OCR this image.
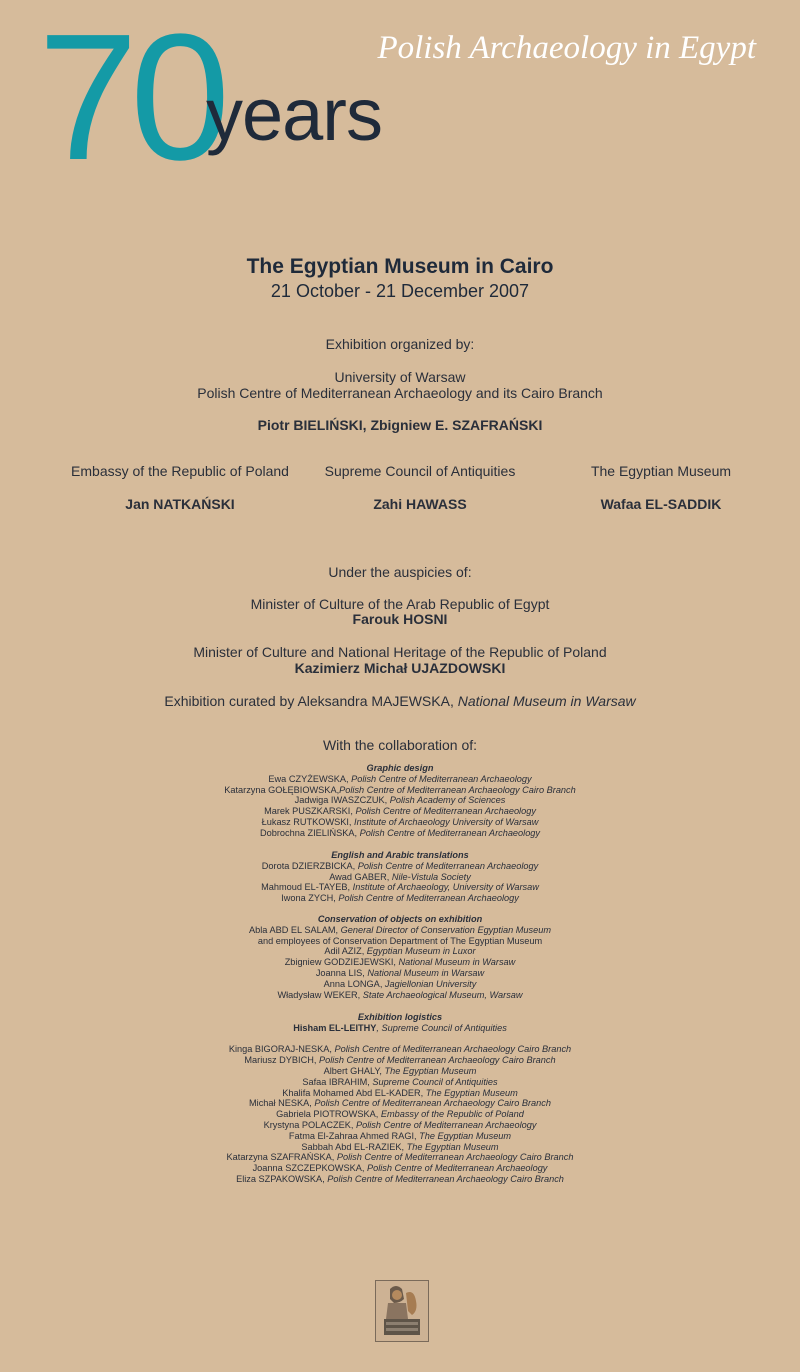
70
years
Polish Archaeology in Egypt
The Egyptian Museum in Cairo
21 October - 21 December 2007
Exhibition organized by:
University of Warsaw
Polish Centre of Mediterranean Archaeology and its Cairo Branch
Piotr BIELIŃSKI, Zbigniew E. SZAFRAŃSKI
Embassy of the Republic of Poland
Jan NATKAŃSKI
Supreme Council of Antiquities
Zahi HAWASS
The Egyptian Museum
Wafaa EL-SADDIK
Under the auspicies of:
Minister of Culture of the Arab Republic of Egypt
Farouk HOSNI
Minister of Culture and National Heritage of the Republic of Poland
Kazimierz Michał UJAZDOWSKI
Exhibition curated by Aleksandra MAJEWSKA, National Museum in Warsaw
With the collaboration of:
Graphic design
Ewa CZYŻEWSKA, Polish Centre of Mediterranean Archaeology
Katarzyna GOŁĘBIOWSKA,Polish Centre of Mediterranean Archaeology Cairo Branch
Jadwiga IWASZCZUK, Polish Academy of Sciences
Marek PUSZKARSKI, Polish Centre of Mediterranean Archaeology
Łukasz RUTKOWSKI, Institute of Archaeology University of Warsaw
Dobrochna ZIELIŃSKA, Polish Centre of Mediterranean Archaeology
English and Arabic translations
Dorota DZIERZBICKA, Polish Centre of Mediterranean Archaeology
Awad GABER, Nile-Vistula Society
Mahmoud EL-TAYEB, Institute of Archaeology, University of Warsaw
Iwona ZYCH, Polish Centre of Mediterranean Archaeology
Conservation of objects on exhibition
Abla ABD EL SALAM, General Director of Conservation Egyptian Museum
and employees of Conservation Department of The Egyptian Museum
Adil AZIZ, Egyptian Museum in Luxor
Zbigniew GODZIEJEWSKI, National Museum in Warsaw
Joanna LIS, National Museum in Warsaw
Anna LONGA, Jagiellonian University
Władysław WEKER, State Archaeological Museum, Warsaw
Exhibition logistics
Hisham EL-LEITHY, Supreme Council of Antiquities
Kinga BIGORAJ-NESKA, Polish Centre of Mediterranean Archaeology Cairo Branch
Mariusz DYBICH, Polish Centre of Mediterranean Archaeology Cairo Branch
Albert GHALY, The Egyptian Museum
Safaa IBRAHIM, Supreme Council of Antiquities
Khalifa Mohamed Abd EL-KADER, The Egyptian Museum
Michał NESKA, Polish Centre of Mediterranean Archaeology Cairo Branch
Gabriela PIOTROWSKA, Embassy of the Republic of Poland
Krystyna POLACZEK, Polish Centre of Mediterranean Archaeology
Fatma El-Zahraa Ahmed RAGI, The Egyptian Museum
Sabbah Abd EL-RAZIEK, The Egyptian Museum
Katarzyna SZAFRAŃSKA, Polish Centre of Mediterranean Archaeology Cairo Branch
Joanna SZCZEPKOWSKA, Polish Centre of Mediterranean Archaeology
Eliza SZPAKOWSKA, Polish Centre of Mediterranean Archaeology Cairo Branch
